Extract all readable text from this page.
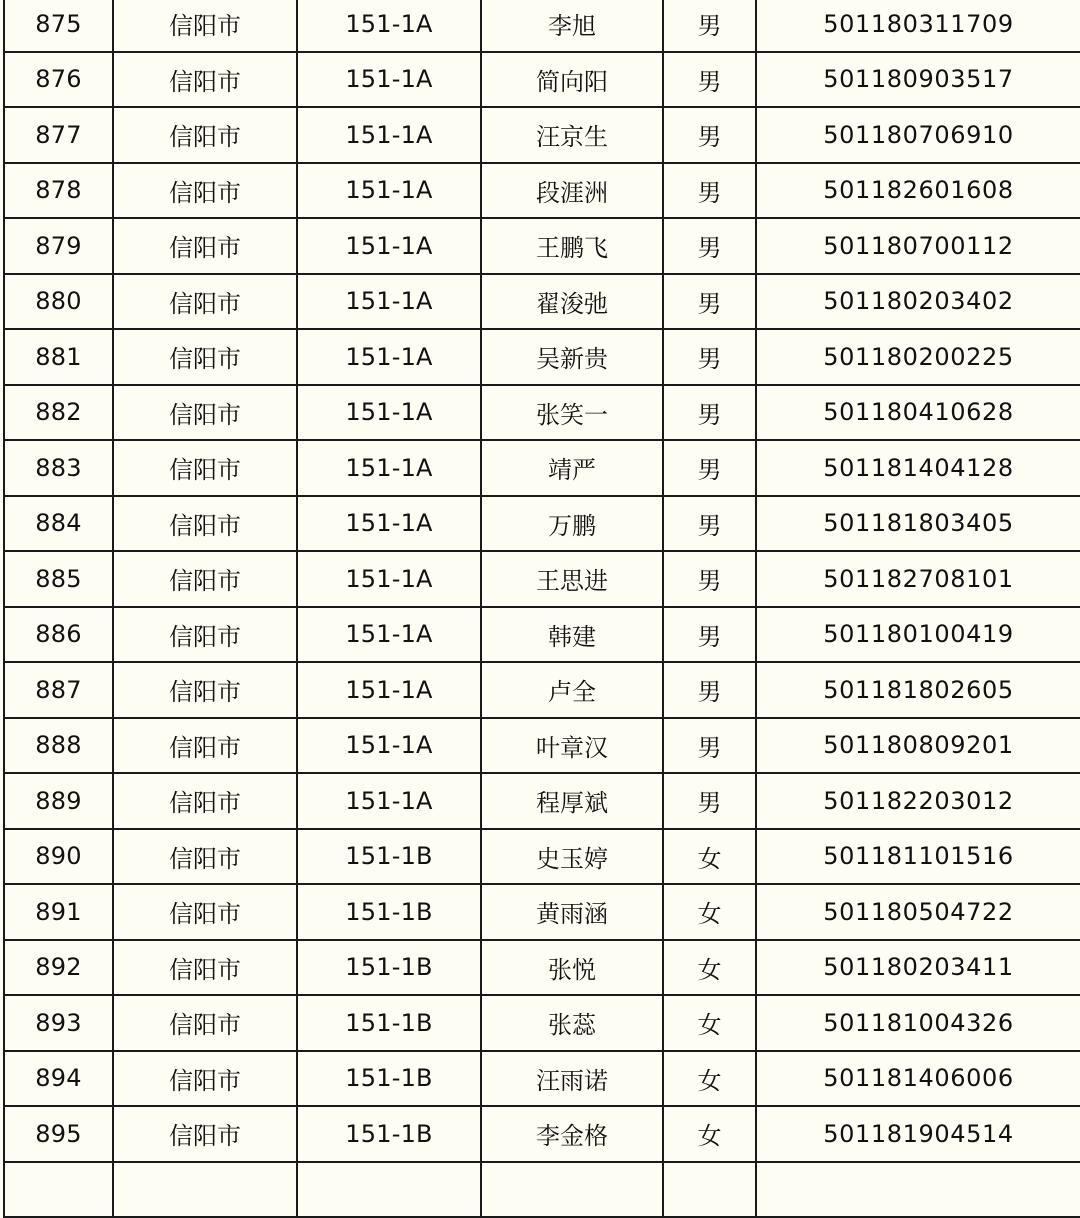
875	信阳市	151-1A	李旭	男	501180311709
876	信阳市	151-1A	简向阳	男	501180903517
877	信阳市	151-1A	汪京生	男	501180706910
878	信阳市	151-1A	段涯洲	男	501182601608
879	信阳市	151-1A	王鹏飞	男	501180700112
880	信阳市	151-1A	翟浚弛	男	501180203402
881	信阳市	151-1A	吴新贵	男	501180200225
882	信阳市	151-1A	张笑一	男	501180410628
883	信阳市	151-1A	靖严	男	501181404128
884	信阳市	151-1A	万鹏	男	501181803405
885	信阳市	151-1A	王思进	男	501182708101
886	信阳市	151-1A	韩建	男	501180100419
887	信阳市	151-1A	卢全	男	501181802605
888	信阳市	151-1A	叶章汉	男	501180809201
889	信阳市	151-1A	程厚斌	男	501182203012
890	信阳市	151-1B	史玉婷	女	501181101516
891	信阳市	151-1B	黄雨涵	女	501180504722
892	信阳市	151-1B	张悦	女	501180203411
893	信阳市	151-1B	张蕊	女	501181004326
894	信阳市	151-1B	汪雨诺	女	501181406006
895	信阳市	151-1B	李金格	女	501181904514
